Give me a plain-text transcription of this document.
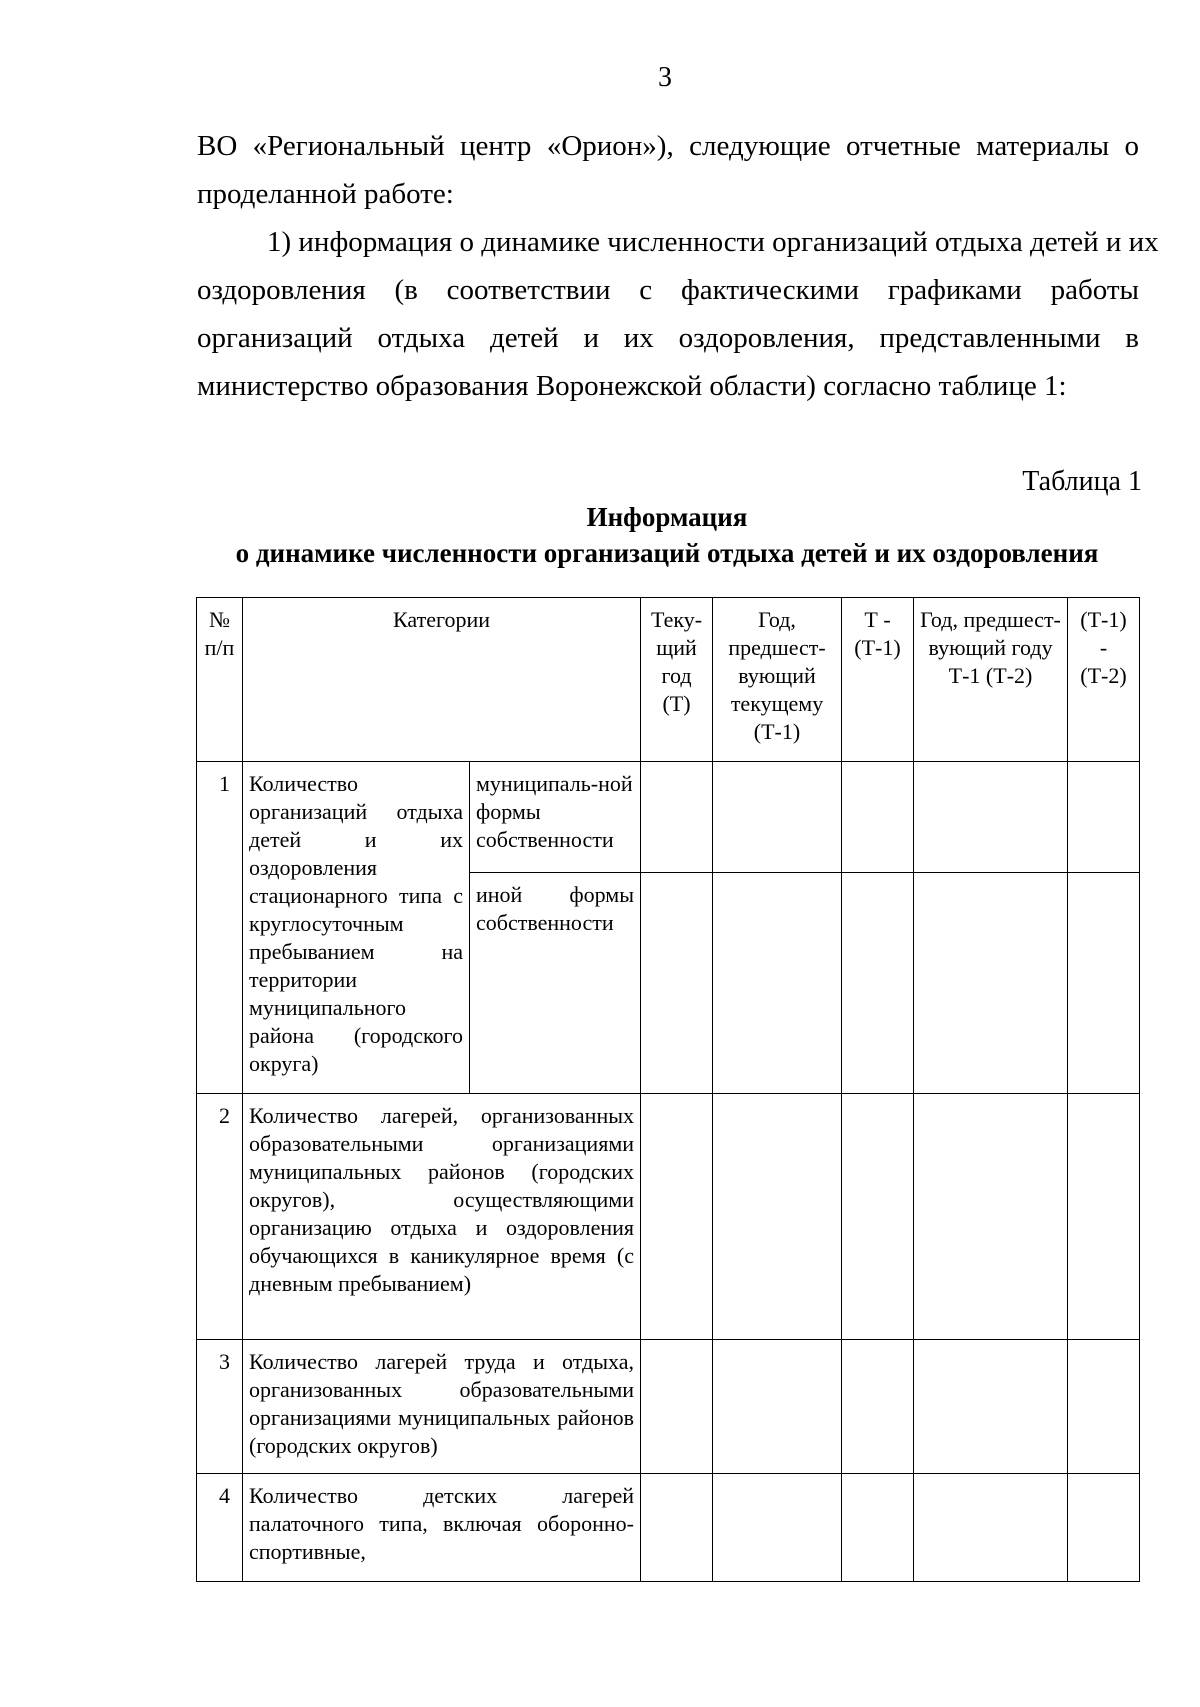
3
ВО «Региональный центр «Орион»), следующие отчетные материалы о
проделанной работе:
1) информация о динамике численности организаций отдыха детей и их
оздоровления (в соответствии с фактическими графиками работы
организаций отдыха детей и их оздоровления, представленными в
министерство образования Воронежской области) согласно таблице 1:
Таблица 1
Информация
о динамике численности организаций отдыха детей и их оздоровления
№ п/п	Категории		Теку-щий год (Т)	Год, предшест-вующий текущему (Т-1)	Т - (Т-1)	Год, предшест-вующий году Т-1 (Т-2)	(Т-1) - (Т-2)
1	Количество организаций отдыха детей и их оздоровления стационарного типа с круглосуточным пребыванием на территории муниципального района (городского округа)	муниципаль-ной формы собственности					
		иной формы собственности					
2	Количество лагерей, организованных образовательными организациями муниципальных районов (городских округов), осуществляющими организацию отдыха и оздоровления обучающихся в каникулярное время (с дневным пребыванием)						
3	Количество лагерей труда и отдыха, организованных образовательными организациями муниципальных районов (городских округов)						
4	Количество детских лагерей палаточного типа, включая оборонно-спортивные,						
